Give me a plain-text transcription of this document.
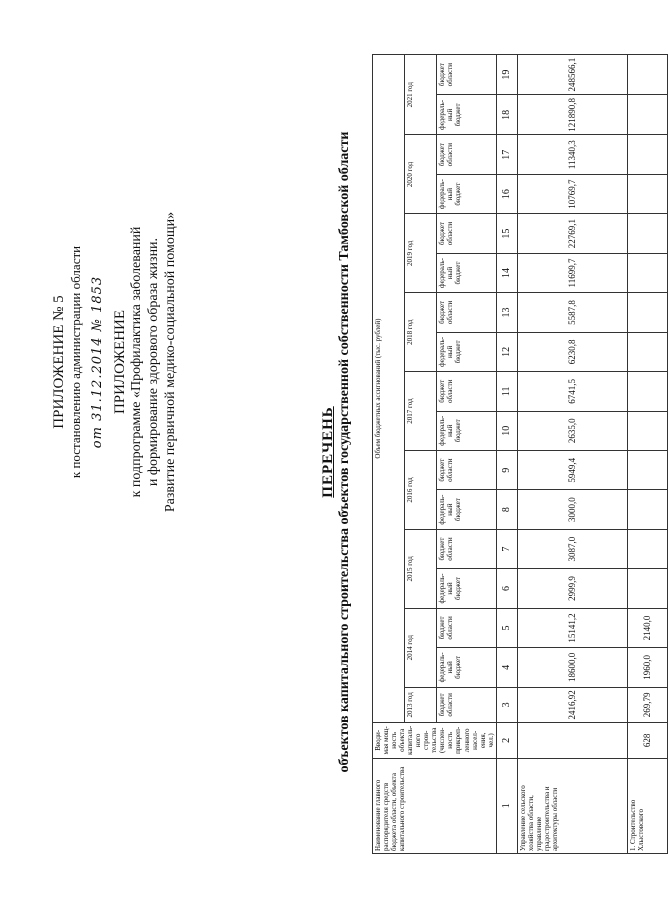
ПРИЛОЖЕНИЕ № 5 к постановлению администрации области от 31.12.2014 № 1853 ПРИЛОЖЕНИЕ к подпрограмме «Профилактика заболеваний и формирование здорового образа жизни. Развитие первичной медико-социальной помощи»	ПЕРЕЧЕНЬ объектов капитального строительства объектов государственной собственности Тамбовской области
Наименование главного распорядителя средств бюджета области, объекта капитального строительства	Вводи-мая мощ-ность объекта капиталь-ного строи-тельства (числен-ность прикреп-ленного насел-ения, чел.)	Объем бюджетных ассигнований (тыс. рублей)																
		2013 год	2014 год		2015 год		2016 год		2017 год		2018 год		2019 год		2020 год		2021 год	
		бюджет области	федераль-ный бюджет	бюджет области	федераль-ный бюджет	бюджет области	федераль-ный бюджет	бюджет области	федераль-ный бюджет	бюджет области	федераль-ный бюджет	бюджет области	федераль-ный бюджет	бюджет области	федераль-ный бюджет	бюджет области	федераль-ный бюджет	бюджет области
1	2	3	4	5	6	7	8	9	10	11	12	13	14	15	16	17	18	19
Управление сельского хозяйства области, управление градостроительства и архитектуры области		2416,92	18600,0	15141,2	2999,9	3087,0	3000,0	5949,4	2635,0	6741,5	6230,8	5587,8	11699,7	22769,1	10769,7	11340,3	121890,8	248566,1
1. Строительство Хлыстовского	628	269,79	1960,0	2140,0														
